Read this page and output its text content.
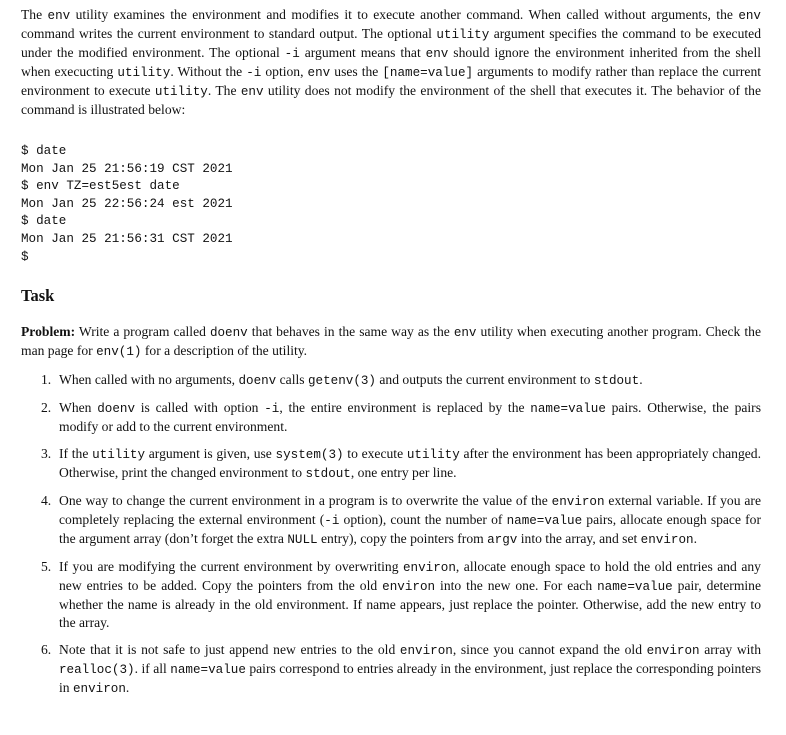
The env utility examines the environment and modifies it to execute another command. When called without arguments, the env command writes the current environment to standard output. The optional utility argument specifies the command to be executed under the modified environment. The optional -i argument means that env should ignore the environment inherited from the shell when execucting utility. Without the -i option, env uses the [name=value] arguments to modify rather than replace the current environment to execute utility. The env utility does not modify the environment of the shell that executes it. The behavior of the command is illustrated below:

$ date
Mon Jan 25 21:56:19 CST 2021
$ env TZ=est5est date
Mon Jan 25 22:56:24 est 2021
$ date
Mon Jan 25 21:56:31 CST 2021
$
Task

Problem: Write a program called doenv that behaves in the same way as the env utility when executing another program. Check the man page for env(1) for a description of the utility.

1. When called with no arguments, doenv calls getenv(3) and outputs the current environment to stdout.
2. When doenv is called with option -i, the entire environment is replaced by the name=value pairs. Otherwise, the pairs modify or add to the current environment.
3. If the utility argument is given, use system(3) to execute utility after the environment has been appropriately changed. Otherwise, print the changed environment to stdout, one entry per line.
4. One way to change the current environment in a program is to overwrite the value of the environ external variable. If you are completely replacing the external environment (-i option), count the number of name=value pairs, allocate enough space for the argument array (don’t forget the extra NULL entry), copy the pointers from argv into the array, and set environ.
5. If you are modifying the current environment by overwriting environ, allocate enough space to hold the old entries and any new entries to be added. Copy the pointers from the old environ into the new one. For each name=value pair, determine whether the name is already in the old environment. If name appears, just replace the pointer. Otherwise, add the new entry to the array.
6. Note that it is not safe to just append new entries to the old environ, since you cannot expand the old environ array with realloc(3). if all name=value pairs correspond to entries already in the environment, just replace the corresponding pointers in environ.
